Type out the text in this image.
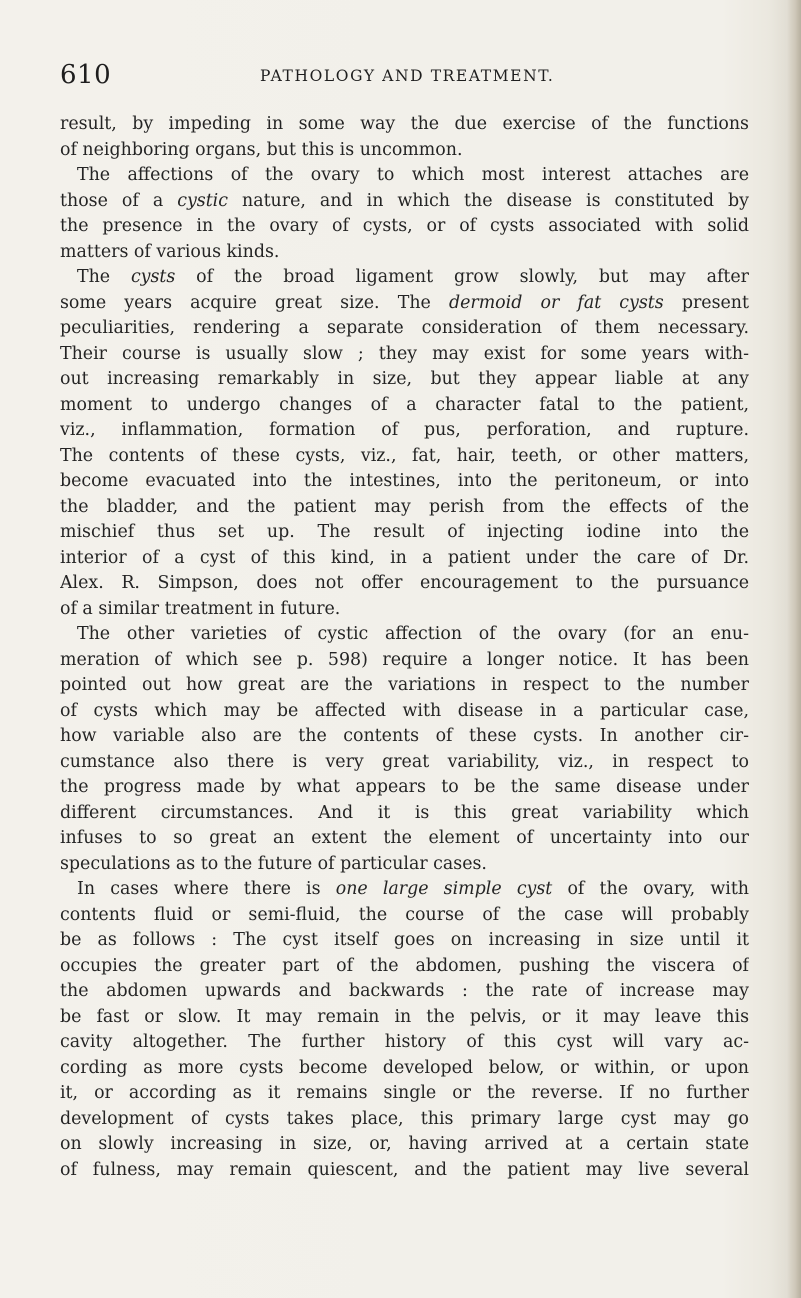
610	PATHOLOGY AND TREATMENT.
result, by impeding in some way the due exercise of the functions
of neighboring organs, but this is uncommon.
The affections of the ovary to which most interest attaches are
those of a cystic nature, and in which the disease is constituted by
the presence in the ovary of cysts, or of cysts associated with solid
matters of various kinds.
The cysts of the broad ligament grow slowly, but may after
some years acquire great size. The dermoid or fat cysts present
peculiarities, rendering a separate consideration of them necessary.
Their course is usually slow ; they may exist for some years with-
out increasing remarkably in size, but they appear liable at any
moment to undergo changes of a character fatal to the patient,
viz., inflammation, formation of pus, perforation, and rupture.
The contents of these cysts, viz., fat, hair, teeth, or other matters,
become evacuated into the intestines, into the peritoneum, or into
the bladder, and the patient may perish from the effects of the
mischief thus set up. The result of injecting iodine into the
interior of a cyst of this kind, in a patient under the care of Dr.
Alex. R. Simpson, does not offer encouragement to the pursuance
of a similar treatment in future.
The other varieties of cystic affection of the ovary (for an enu-
meration of which see p. 598) require a longer notice. It has been
pointed out how great are the variations in respect to the number
of cysts which may be affected with disease in a particular case,
how variable also are the contents of these cysts. In another cir-
cumstance also there is very great variability, viz., in respect to
the progress made by what appears to be the same disease under
different circumstances. And it is this great variability which
infuses to so great an extent the element of uncertainty into our
speculations as to the future of particular cases.
In cases where there is one large simple cyst of the ovary, with
contents fluid or semi-fluid, the course of the case will probably
be as follows : The cyst itself goes on increasing in size until it
occupies the greater part of the abdomen, pushing the viscera of
the abdomen upwards and backwards : the rate of increase may
be fast or slow. It may remain in the pelvis, or it may leave this
cavity altogether. The further history of this cyst will vary ac-
cording as more cysts become developed below, or within, or upon
it, or according as it remains single or the reverse. If no further
development of cysts takes place, this primary large cyst may go
on slowly increasing in size, or, having arrived at a certain state
of fulness, may remain quiescent, and the patient may live several
